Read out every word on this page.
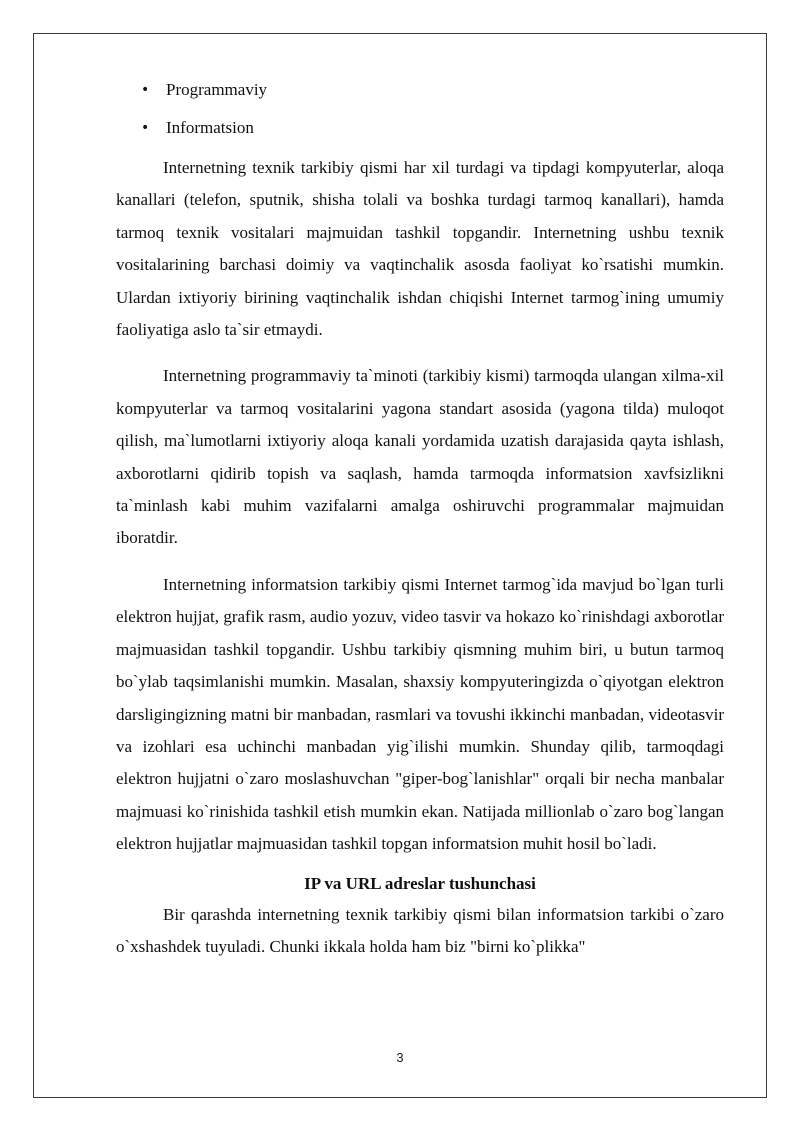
• Programmaviy
• Informatsion

Internetning texnik tarkibiy qismi har xil turdagi va tipdagi kompyuterlar, aloqa kanallari (telefon, sputnik, shisha tolali va boshka turdagi tarmoq kanallari), hamda tarmoq texnik vositalari majmuidan tashkil topgandir. Internetning ushbu texnik vositalarining barchasi doimiy va vaqtinchalik asosda faoliyat ko`rsatishi mumkin. Ulardan ixtiyoriy birining vaqtinchalik ishdan chiqishi Internet tarmog`ining umumiy faoliyatiga aslo ta`sir etmaydi.

Internetning programmaviy ta`minoti (tarkibiy kismi) tarmoqda ulangan xilma-xil kompyuterlar va tarmoq vositalarini yagona standart asosida (yagona tilda) muloqot qilish, ma`lumotlarni ixtiyoriy aloqa kanali yordamida uzatish darajasida qayta ishlash, axborotlarni qidirib topish va saqlash, hamda tarmoqda informatsion xavfsizlikni ta`minlash kabi muhim vazifalarni amalga oshiruvchi programmalar majmuidan iboratdir.

Internetning informatsion tarkibiy qismi Internet tarmog`ida mavjud bo`lgan turli elektron hujjat, grafik rasm, audio yozuv, video tasvir va hokazo ko`rinishdagi axborotlar majmuasidan tashkil topgandir. Ushbu tarkibiy qismning muhim biri, u butun tarmoq bo`ylab taqsimlanishi mumkin. Masalan, shaxsiy kompyuteringizda o`qiyotgan elektron darsligingizning matni bir manbadan, rasmlari va tovushi ikkinchi manbadan, videotasvir va izohlari esa uchinchi manbadan yig`ilishi mumkin. Shunday qilib, tarmoqdagi elektron hujjatni o`zaro moslashuvchan "giper-bog`lanishlar" orqali bir necha manbalar majmuasi ko`rinishida tashkil etish mumkin ekan. Natijada millionlab o`zaro bog`langan elektron hujjatlar majmuasidan tashkil topgan informatsion muhit hosil bo`ladi.

IP va URL adreslar tushunchasi

Bir qarashda internetning texnik tarkibiy qismi bilan informatsion tarkibi o`zaro o`xshashdek tuyuladi. Chunki ikkala holda ham biz "birni ko`plikka"

3
